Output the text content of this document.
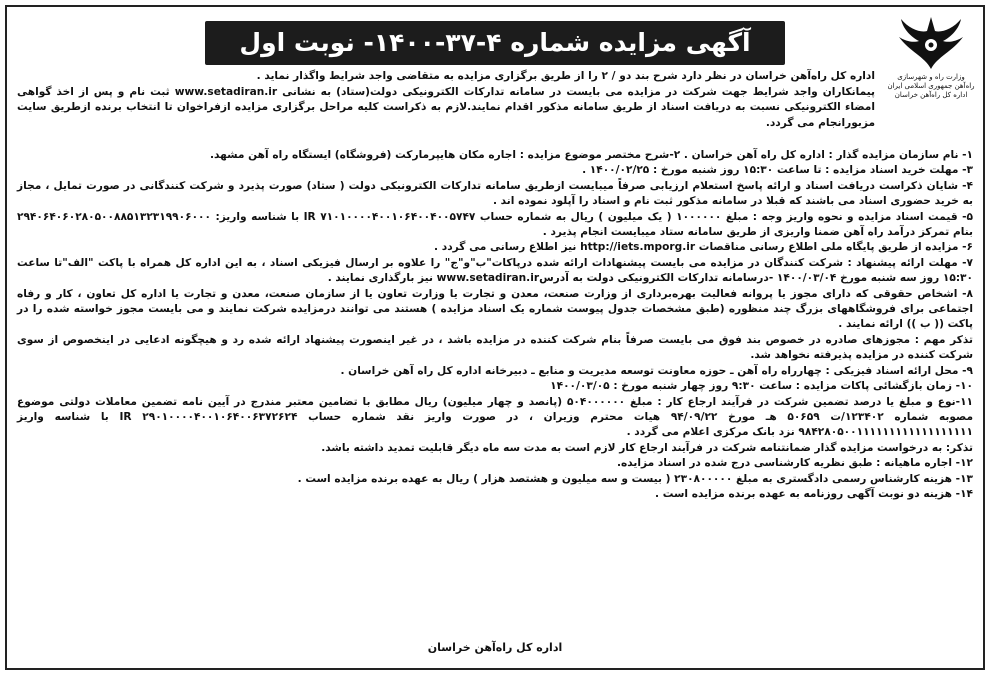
آگهی مزایده شماره ۴-۳۷-۱۴۰۰- نوبت اول
وزارت راه و شهرسازی
راه‌آهن جمهوری اسلامی ایران
اداره کل راه‌آهن خراسان

اداره کل راه‌آهن خراسان در نظر دارد شرح بند دو / ۲ را از طریق برگزاری مزایده به متقاضی واجد شرایط واگذار نماید .

پیمانکاران واجد شرایط جهت شرکت در مزایده می بایست در سامانه تدارکات الکترونیکی دولت(ستاد) به نشانی www.setadiran.ir ثبت نام و پس از اخذ گواهی امضاء الکترونیکی نسبت به دریافت اسناد از طریق سامانه مذکور اقدام نمایند.لازم به ذکراست کلیه مراحل برگزاری مزایده ازفراخوان تا انتخاب برنده ازطریق سایت مزبورانجام می گردد.

۱- نام سازمان مزایده گذار : اداره کل راه آهن خراسان . ۲-شرح مختصر موضوع مزایده : اجاره مکان هایپرمارکت (فروشگاه) ایستگاه راه آهن مشهد.

۳- مهلت خرید اسناد مزایده : تا ساعت ۱۵:۳۰ روز شنبه مورخ : ۱۴۰۰/۰۲/۲۵ .

۴- شایان ذکراست دریافت اسناد و ارائه پاسخ استعلام ارزیابی صرفاً میبایست ازطریق سامانه تدارکات الکترونیکی دولت ( ستاد) صورت پذیرد و شرکت کنندگانی در صورت تمایل ، مجاز به خرید حضوری اسناد می باشند که قبلا در سامانه مذکور ثبت نام و اسناد را آپلود نموده اند .

۵- قیمت اسناد مزایده و نحوه واریز وجه : مبلغ ۱۰۰۰۰۰۰ ( یک میلیون ) ریال به شماره حساب IR ۷۱۰۱۰۰۰۰۴۰۰۱۰۶۴۰۰۴۰۰۵۷۴۷ با شناسه واریز: ۲۹۴۰۶۴۰۶۰۲۸۰۵۰۰۸۸۵۱۳۲۳۱۹۹۰۶۰۰۰ بنام تمرکز درآمد راه آهن ضمنا واریزی از طریق سامانه ستاد میبایست انجام پذیرد .

۶- مزایده از طریق پایگاه ملی اطلاع رسانی مناقصات http://iets.mporg.ir نیز اطلاع رسانی می گردد .

۷- مهلت ارائه پیشنهاد : شرکت کنندگان در مزایده می بایست پیشنهادات ارائه شده درپاکات"ب"و"ج" را علاوه بر ارسال فیزیکی اسناد ، به این اداره کل همراه با پاکت "الف"تا ساعت ۱۵:۳۰ روز سه شنبه مورخ ۱۴۰۰/۰۳/۰۴ -درسامانه تدارکات الکترونیکی دولت به آدرسwww.setadiran.ir نیز بارگذاری نمایند .

۸- اشخاص حقوقی که دارای مجوز یا پروانه فعالیت بهره‌برداری از وزارت صنعت، معدن و تجارت یا وزارت تعاون یا از سازمان صنعت، معدن و تجارت یا اداره کل تعاون ، کار و رفاه اجتماعی برای فروشگاههای بزرگ چند منظوره (طبق مشخصات جدول پیوست شماره یک اسناد مزایده ) هستند می توانند درمزایده شرکت نمایند و می بایست مجوز خواسته شده را در پاکت (( ب )) ارائه نمایند .

تذکر مهم : مجوزهای صادره در خصوص بند فوق می بایست صرفاً بنام شرکت کننده در مزایده باشد ، در غیر اینصورت پیشنهاد ارائه شده رد و هیچگونه ادعایی در اینخصوص از سوی شرکت کننده در مزایده پذیرفته نخواهد شد.

۹- محل ارائه اسناد فیزیکی : چهارراه راه آهن ـ حوزه معاونت توسعه مدیریت و منابع ـ دبیرخانه اداره کل راه آهن خراسان .

۱۰- زمان بازگشائی پاکات مزایده : ساعت ۹:۳۰ روز چهار شنبه مورخ : ۱۴۰۰/۰۳/۰۵

۱۱-نوع و مبلغ یا درصد تضمین شرکت در فرآیند ارجاع کار : مبلغ ۵۰۴۰۰۰۰۰۰ (پانصد و چهار میلیون) ریال مطابق با تضامین معتبر مندرج در آیین نامه تضمین معاملات دولتی موضوع مصوبه شماره ۱۲۳۴۰۲/ت ۵۰۶۵۹ هـ مورخ ۹۴/۰۹/۲۲ هیات محترم وزیران ، در صورت واریز نقد شماره حساب IR ۲۹۰۱۰۰۰۰۴۰۰۱۰۶۴۰۰۶۳۷۲۶۲۴ با شناسه واریز ۹۸۴۲۸۰۵۰۰۱۱۱۱۱۱۱۱۱۱۱۱۱۱۱۱۱۱ نزد بانک مرکزی اعلام می گردد .

تذکر: به درخواست مزایده گذار ضمانتنامه شرکت در فرآیند ارجاع کار لازم است به مدت سه ماه دیگر قابلیت تمدید داشته باشد.

۱۲- اجاره ماهیانه : طبق نظریه کارشناسی درج شده در اسناد مزایده.

۱۳- هزینه کارشناس رسمی دادگستری به مبلغ ۲۳۰۸۰۰۰۰۰ ( بیست و سه میلیون و هشتصد هزار ) ریال به عهده برنده مزایده است .

۱۴- هزینه دو نوبت آگهی روزنامه به عهده برنده مزایده است .

اداره کل راه‌آهن خراسان
